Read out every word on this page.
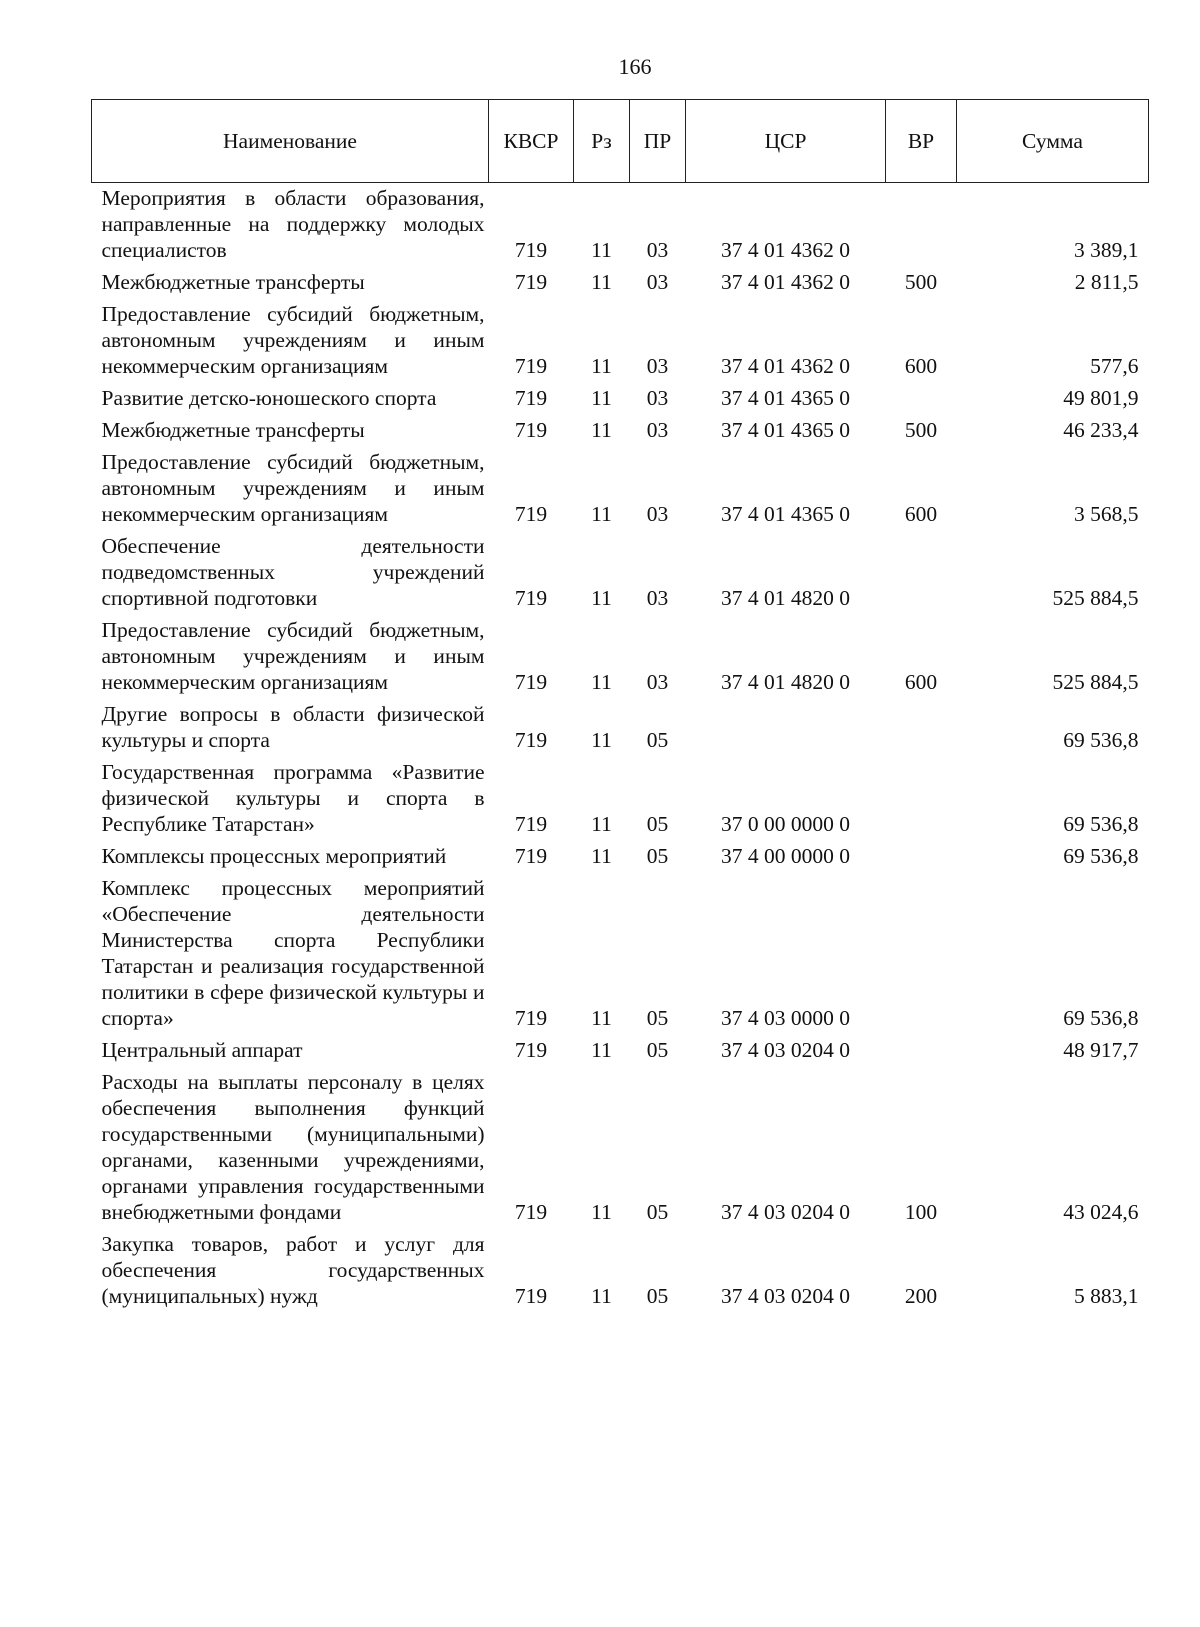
166
Наименование	КВСР	Рз	ПР	ЦСР	ВР	Сумма
Мероприятия в области образования, направленные на поддержку молодых специалистов	719	11	03	37 4 01 4362 0		3 389,1
Межбюджетные трансферты	719	11	03	37 4 01 4362 0	500	2 811,5
Предоставление субсидий бюджетным, автономным учреждениям и иным некоммерческим организациям	719	11	03	37 4 01 4362 0	600	577,6
Развитие детско-юношеского спорта	719	11	03	37 4 01 4365 0		49 801,9
Межбюджетные трансферты	719	11	03	37 4 01 4365 0	500	46 233,4
Предоставление субсидий бюджетным, автономным учреждениям и иным некоммерческим организациям	719	11	03	37 4 01 4365 0	600	3 568,5
Обеспечение деятельности подведомственных учреждений спортивной подготовки	719	11	03	37 4 01 4820 0		525 884,5
Предоставление субсидий бюджетным, автономным учреждениям и иным некоммерческим организациям	719	11	03	37 4 01 4820 0	600	525 884,5
Другие вопросы в области физической культуры и спорта	719	11	05			69 536,8
Государственная программа «Развитие физической культуры и спорта в Республике Татарстан»	719	11	05	37 0 00 0000 0		69 536,8
Комплексы процессных мероприятий	719	11	05	37 4 00 0000 0		69 536,8
Комплекс процессных мероприятий «Обеспечение деятельности Министерства спорта Республики Татарстан и реализация государственной политики в сфере физической культуры и спорта»	719	11	05	37 4 03 0000 0		69 536,8
Центральный аппарат	719	11	05	37 4 03 0204 0		48 917,7
Расходы на выплаты персоналу в целях обеспечения выполнения функций государственными (муниципальными) органами, казенными учреждениями, органами управления государственными внебюджетными фондами	719	11	05	37 4 03 0204 0	100	43 024,6
Закупка товаров, работ и услуг для обеспечения государственных (муниципальных) нужд	719	11	05	37 4 03 0204 0	200	5 883,1
